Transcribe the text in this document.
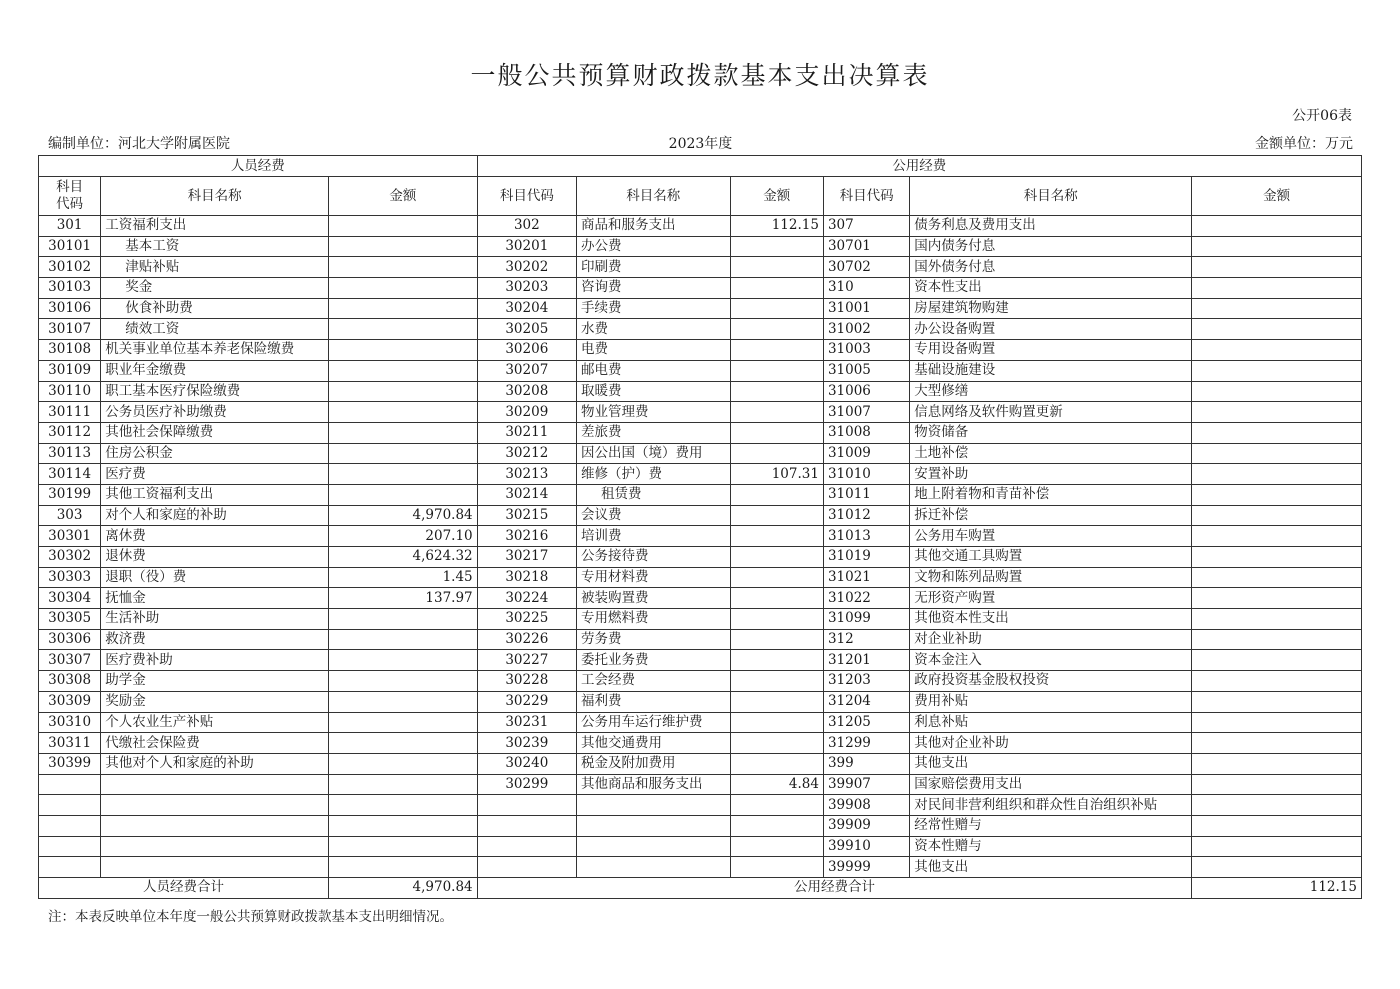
一般公共预算财政拨款基本支出决算表
公开06表
编制单位：河北大学附属医院	2023年度	金额单位：万元
人员经费			公用经费					
科目
代码	科目名称	金额	科目代码	科目名称	金额	科目代码	科目名称	金额
301	工资福利支出		302	商品和服务支出	112.15	307	债务利息及费用支出	
30101	基本工资		30201	办公费		30701	国内债务付息	
30102	津贴补贴		30202	印刷费		30702	国外债务付息	
30103	奖金		30203	咨询费		310	资本性支出	
30106	伙食补助费		30204	手续费		31001	房屋建筑物购建	
30107	绩效工资		30205	水费		31002	办公设备购置	
30108	机关事业单位基本养老保险缴费		30206	电费		31003	专用设备购置	
30109	职业年金缴费		30207	邮电费		31005	基础设施建设	
30110	职工基本医疗保险缴费		30208	取暖费		31006	大型修缮	
30111	公务员医疗补助缴费		30209	物业管理费		31007	信息网络及软件购置更新	
30112	其他社会保障缴费		30211	差旅费		31008	物资储备	
30113	住房公积金		30212	因公出国（境）费用		31009	土地补偿	
30114	医疗费		30213	维修（护）费	107.31	31010	安置补助	
30199	其他工资福利支出		30214	租赁费		31011	地上附着物和青苗补偿	
303	对个人和家庭的补助	4,970.84	30215	会议费		31012	拆迁补偿	
30301	离休费	207.10	30216	培训费		31013	公务用车购置	
30302	退休费	4,624.32	30217	公务接待费		31019	其他交通工具购置	
30303	退职（役）费	1.45	30218	专用材料费		31021	文物和陈列品购置	
30304	抚恤金	137.97	30224	被装购置费		31022	无形资产购置	
30305	生活补助		30225	专用燃料费		31099	其他资本性支出	
30306	救济费		30226	劳务费		312	对企业补助	
30307	医疗费补助		30227	委托业务费		31201	资本金注入	
30308	助学金		30228	工会经费		31203	政府投资基金股权投资	
30309	奖励金		30229	福利费		31204	费用补贴	
30310	个人农业生产补贴		30231	公务用车运行维护费		31205	利息补贴	
30311	代缴社会保险费		30239	其他交通费用		31299	其他对企业补助	
30399	其他对个人和家庭的补助		30240	税金及附加费用		399	其他支出	
			30299	其他商品和服务支出	4.84	39907	国家赔偿费用支出	
						39908	对民间非营利组织和群众性自治组织补贴	
						39909	经常性赠与	
						39910	资本性赠与	
						39999	其他支出	
人员经费合计		4,970.84	公用经费合计					112.15
注：本表反映单位本年度一般公共预算财政拨款基本支出明细情况。
